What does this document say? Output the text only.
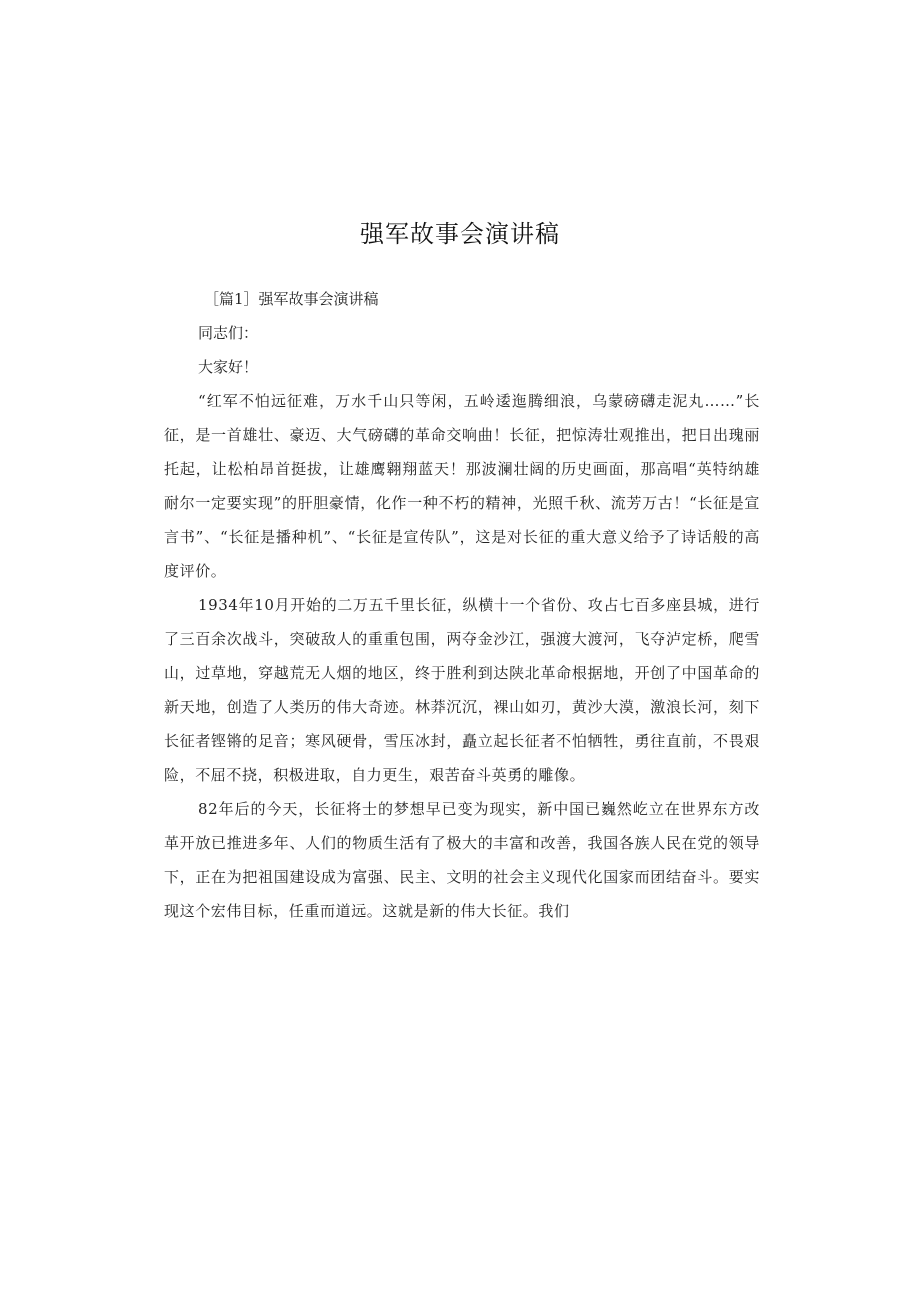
强军故事会演讲稿

［篇1］强军故事会演讲稿

同志们：

大家好！

“红军不怕远征难，万水千山只等闲，五岭逶迤腾细浪，乌蒙磅礴走泥丸……”长征，是一首雄壮、豪迈、大气磅礴的革命交响曲！长征，把惊涛壮观推出，把日出瑰丽托起，让松柏昂首挺拔，让雄鹰翱翔蓝天！那波澜壮阔的历史画面，那高唱“英特纳雄耐尔一定要实现”的肝胆豪情，化作一种不朽的精神，光照千秋、流芳万古！“长征是宣言书”、“长征是播种机”、“长征是宣传队”，这是对长征的重大意义给予了诗话般的高度评价。

1934年10月开始的二万五千里长征，纵横十一个省份、攻占七百多座县城，进行了三百余次战斗，突破敌人的重重包围，两夺金沙江，强渡大渡河，飞夺泸定桥，爬雪山，过草地，穿越荒无人烟的地区，终于胜利到达陕北革命根据地，开创了中国革命的新天地，创造了人类历的伟大奇迹。林莽沉沉，裸山如刃，黄沙大漠，激浪长河，刻下长征者铿锵的足音；寒风硬骨，雪压冰封，矗立起长征者不怕牺牲，勇往直前，不畏艰险，不屈不挠，积极进取，自力更生，艰苦奋斗英勇的雕像。

82年后的今天，长征将士的梦想早已变为现实，新中国已巍然屹立在世界东方改革开放已推进多年、人们的物质生活有了极大的丰富和改善，我国各族人民在党的领导下，正在为把祖国建设成为富强、民主、文明的社会主义现代化国家而团结奋斗。要实现这个宏伟目标，任重而道远。这就是新的伟大长征。我们
